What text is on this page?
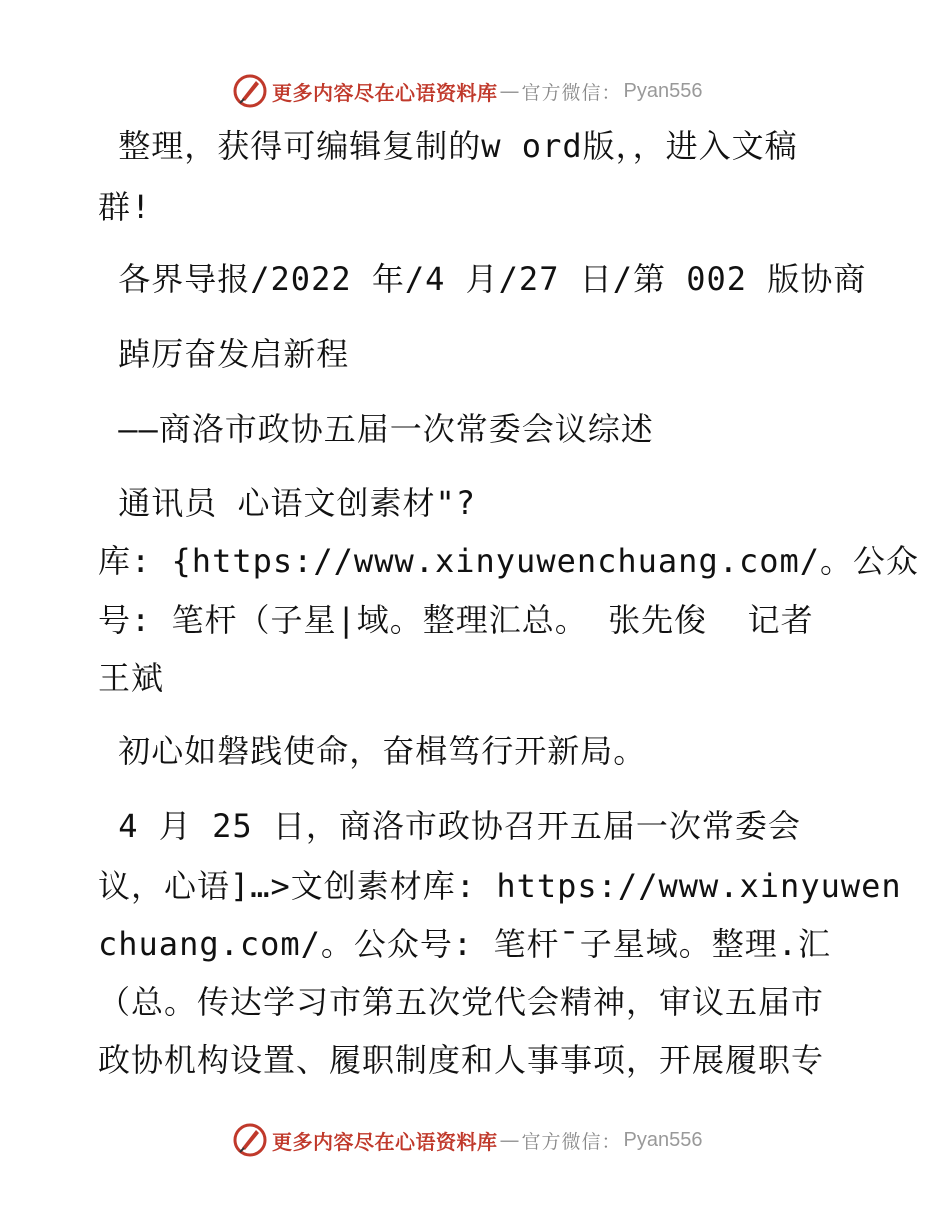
更多内容尽在心语资料库 — 官方微信： Pyan556
整理，获得可编辑复制的w ord版，，进入文稿
群!
各界导报/2022 年/4 月/27 日/第 002 版协商
踔厉奋发启新程
——商洛市政协五届一次常委会议综述
通讯员 心语文创素材"?
库: {https://www.xinyuwenchuang.com/。公众
号: 笔杆（子星|域。整理汇总。 张先俊  记者
王斌
初心如磐践使命，奋楫笃行开新局。
4 月 25 日，商洛市政协召开五届一次常委会
议，心语]…>文创素材库: https://www.xinyuwen
chuang.com/。公众号: 笔杆¯子星域。整理.汇
（总。传达学习市第五次党代会精神，审议五届市
政协机构设置、履职制度和人事事项，开展履职专
更多内容尽在心语资料库 — 官方微信： Pyan556
